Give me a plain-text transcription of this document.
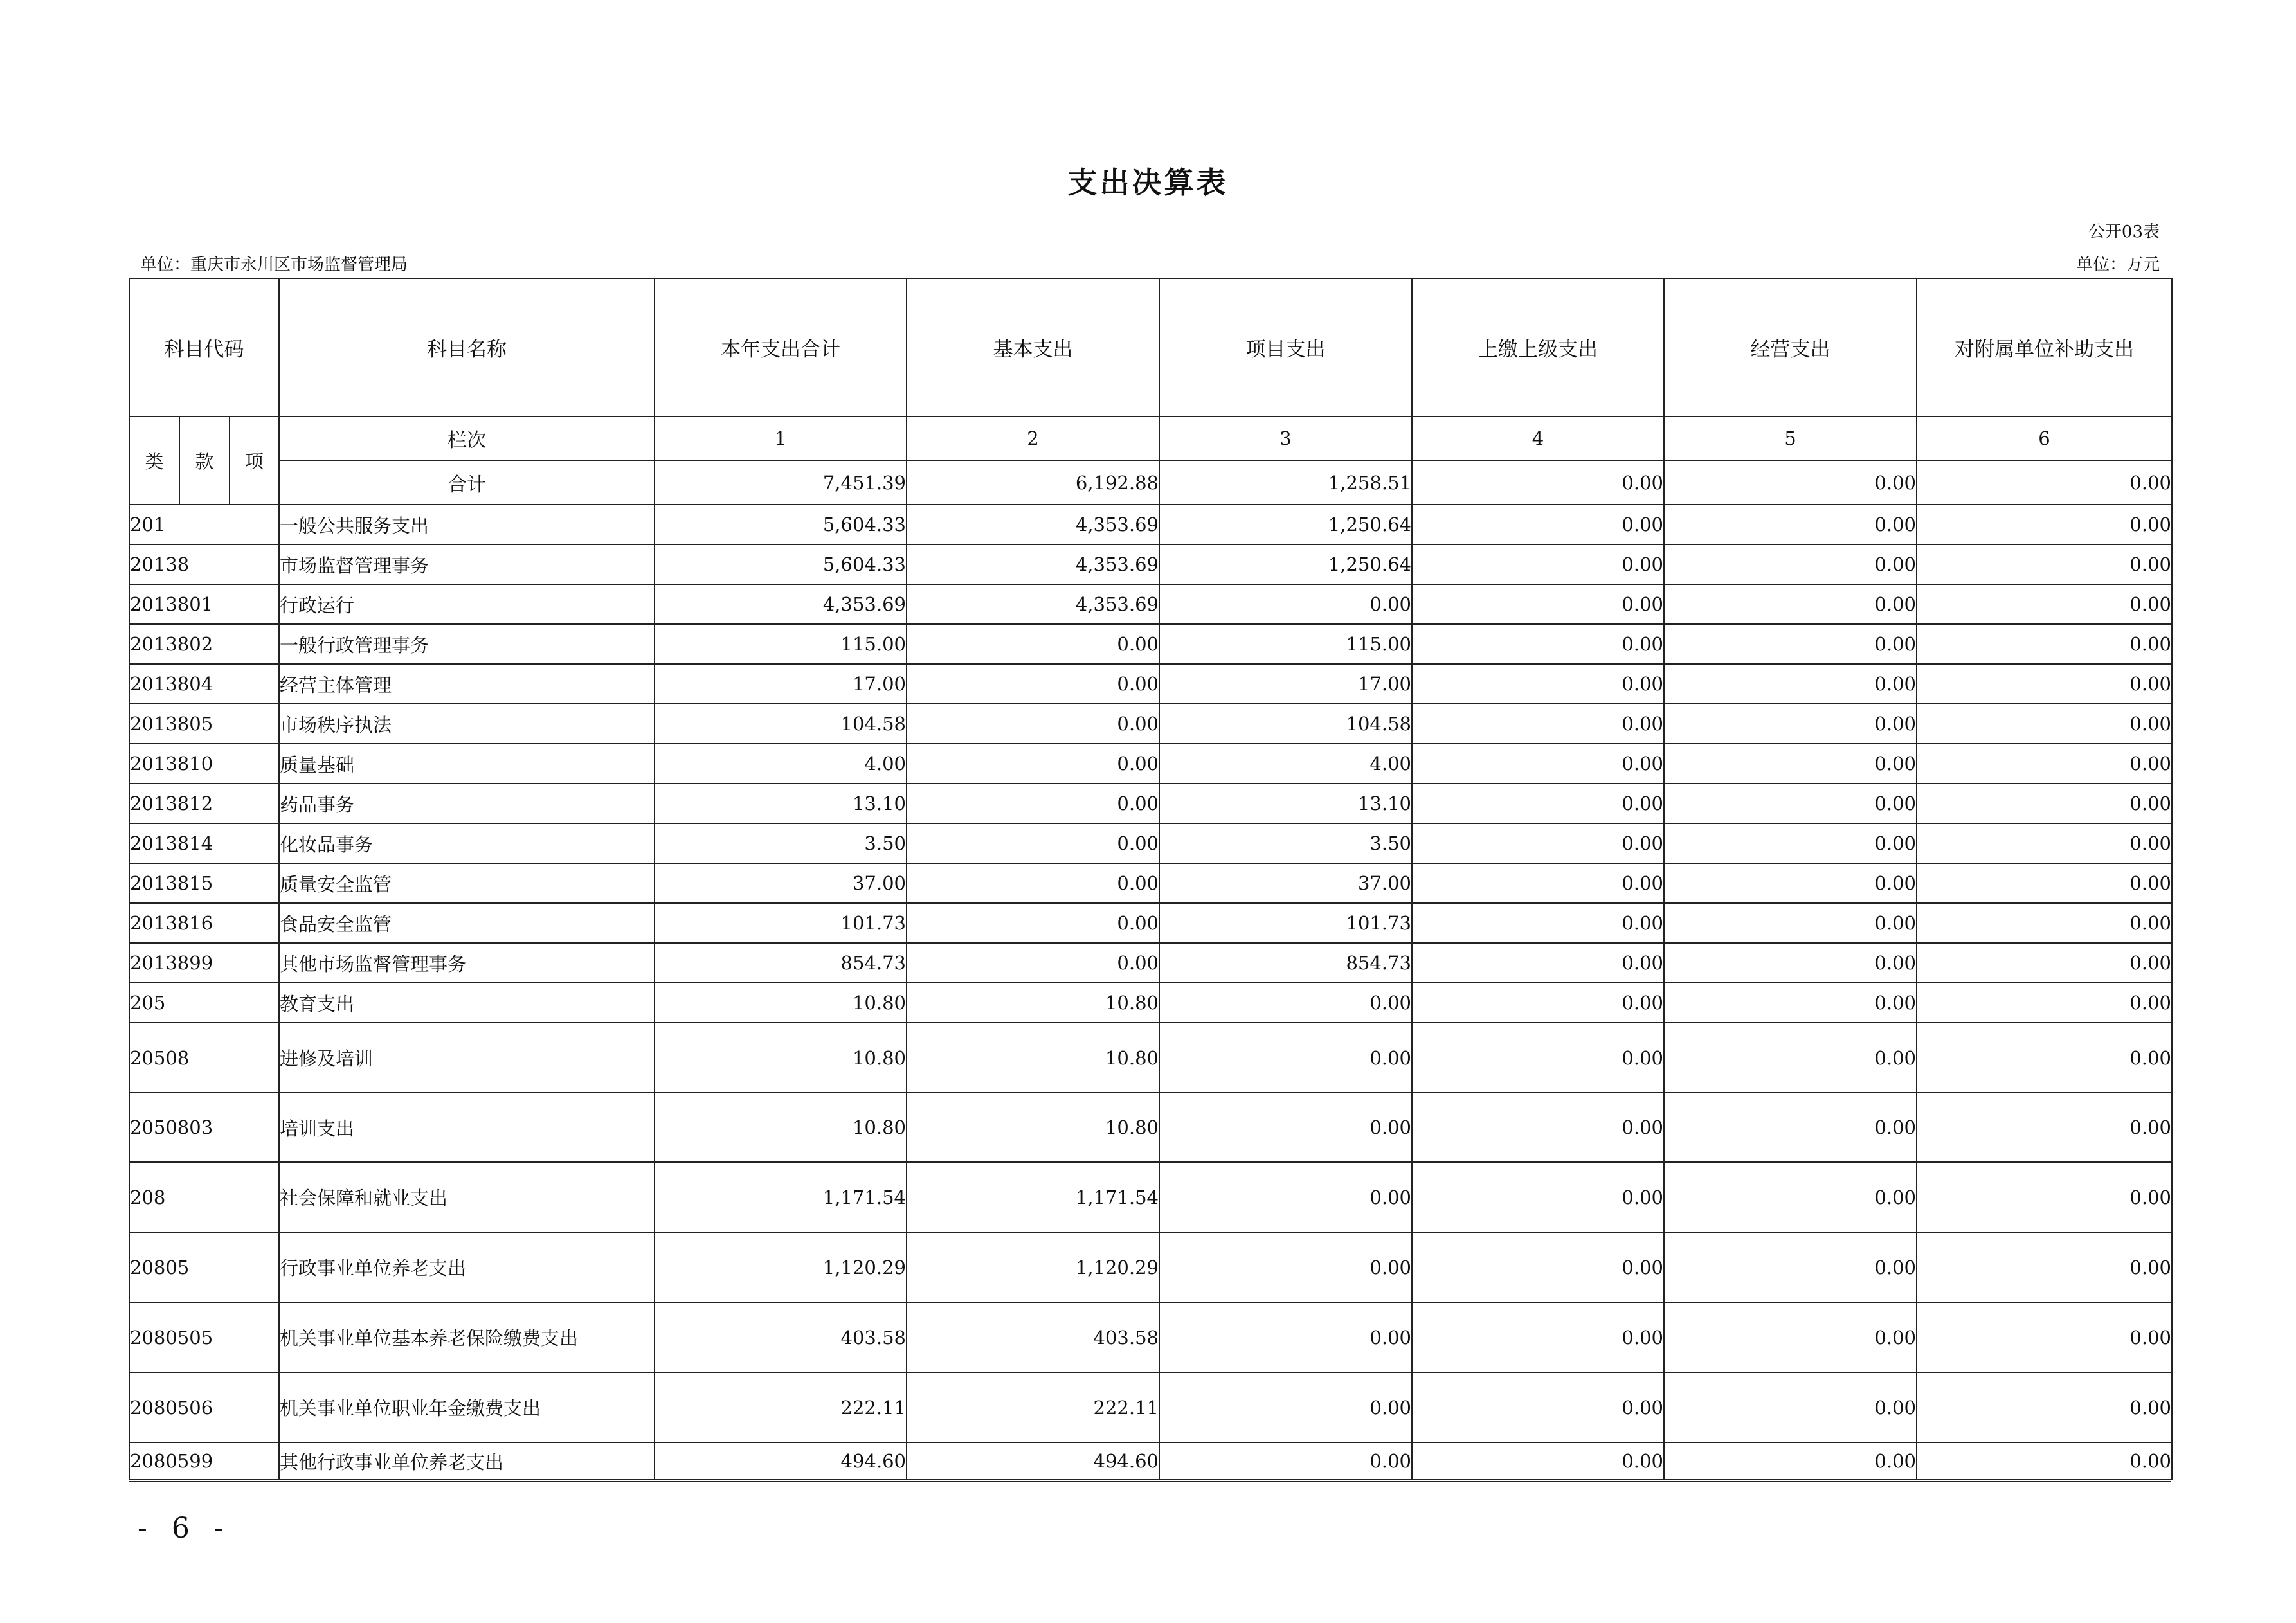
支出决算表
公开03表
单位：重庆市永川区市场监督管理局	单位：万元
科目代码			科目名称	本年支出合计	基本支出	项目支出	上缴上级支出	经营支出	对附属单位补助支出
类	款	项	栏次	1	2	3	4	5	6
			合计	7,451.39	6,192.88	1,258.51	0.00	0.00	0.00
201			一般公共服务支出	5,604.33	4,353.69	1,250.64	0.00	0.00	0.00
20138			市场监督管理事务	5,604.33	4,353.69	1,250.64	0.00	0.00	0.00
2013801			行政运行	4,353.69	4,353.69	0.00	0.00	0.00	0.00
2013802			一般行政管理事务	115.00	0.00	115.00	0.00	0.00	0.00
2013804			经营主体管理	17.00	0.00	17.00	0.00	0.00	0.00
2013805			市场秩序执法	104.58	0.00	104.58	0.00	0.00	0.00
2013810			质量基础	4.00	0.00	4.00	0.00	0.00	0.00
2013812			药品事务	13.10	0.00	13.10	0.00	0.00	0.00
2013814			化妆品事务	3.50	0.00	3.50	0.00	0.00	0.00
2013815			质量安全监管	37.00	0.00	37.00	0.00	0.00	0.00
2013816			食品安全监管	101.73	0.00	101.73	0.00	0.00	0.00
2013899			其他市场监督管理事务	854.73	0.00	854.73	0.00	0.00	0.00
205			教育支出	10.80	10.80	0.00	0.00	0.00	0.00
20508			进修及培训	10.80	10.80	0.00	0.00	0.00	0.00
2050803			培训支出	10.80	10.80	0.00	0.00	0.00	0.00
208			社会保障和就业支出	1,171.54	1,171.54	0.00	0.00	0.00	0.00
20805			行政事业单位养老支出	1,120.29	1,120.29	0.00	0.00	0.00	0.00
2080505			机关事业单位基本养老保险缴费支出	403.58	403.58	0.00	0.00	0.00	0.00
2080506			机关事业单位职业年金缴费支出	222.11	222.11	0.00	0.00	0.00	0.00
2080599			其他行政事业单位养老支出	494.60	494.60	0.00	0.00	0.00	0.00
- 6 -
